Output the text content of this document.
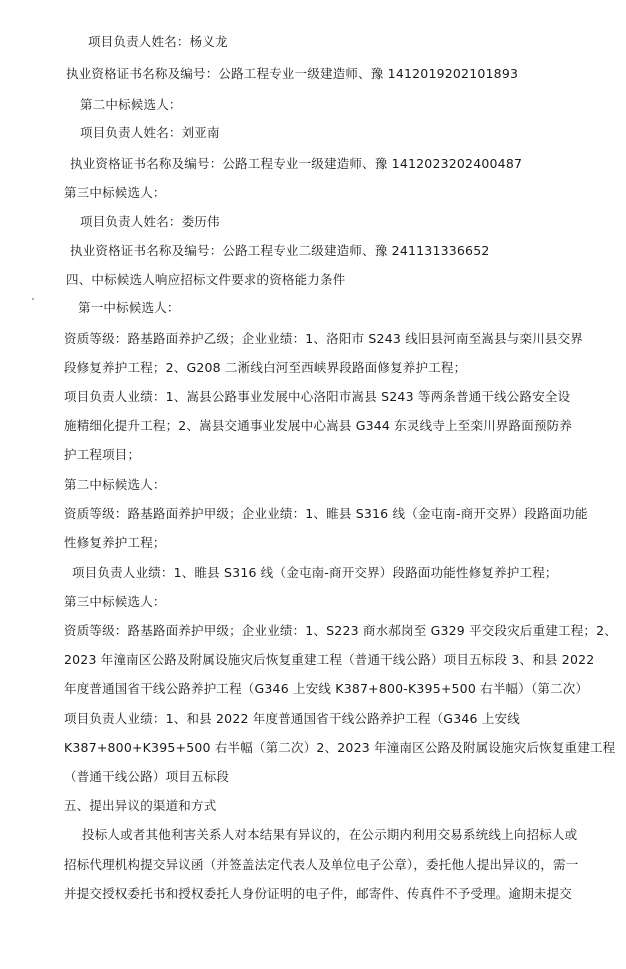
项目负责人姓名：杨义龙
执业资格证书名称及编号：公路工程专业一级建造师、豫 1412019202101893
第二中标候选人：
项目负责人姓名：刘亚南
执业资格证书名称及编号：公路工程专业一级建造师、豫 1412023202400487
第三中标候选人：
项目负责人姓名：娄历伟
执业资格证书名称及编号：公路工程专业二级建造师、豫 241131336652
四、中标候选人响应招标文件要求的资格能力条件
第一中标候选人：
资质等级：路基路面养护乙级；企业业绩：1、洛阳市 S243 线旧县河南至嵩县与栾川县交界
段修复养护工程；2、G208 二淅线白河至西峡界段路面修复养护工程；
项目负责人业绩：1、嵩县公路事业发展中心洛阳市嵩县 S243 等两条普通干线公路安全设
施精细化提升工程；2、嵩县交通事业发展中心嵩县 G344 东灵线寺上至栾川界路面预防养
护工程项目；
第二中标候选人：
资质等级：路基路面养护甲级；企业业绩：1、睢县 S316 线（金屯南-商开交界）段路面功能
性修复养护工程；
项目负责人业绩：1、睢县 S316 线（金屯南-商开交界）段路面功能性修复养护工程；
第三中标候选人：
资质等级：路基路面养护甲级；企业业绩：1、S223 商水郝岗至 G329 平交段灾后重建工程；2、
2023 年潼南区公路及附属设施灾后恢复重建工程（普通干线公路）项目五标段 3、和县 2022
年度普通国省干线公路养护工程（G346 上安线 K387+800-K395+500 右半幅）（第二次）
项目负责人业绩：1、和县 2022 年度普通国省干线公路养护工程（G346 上安线
K387+800+K395+500 右半幅（第二次）2、2023 年潼南区公路及附属设施灾后恢复重建工程
（普通干线公路）项目五标段
五、提出异议的渠道和方式
投标人或者其他利害关系人对本结果有异议的，在公示期内利用交易系统线上向招标人或
招标代理机构提交异议函（并签盖法定代表人及单位电子公章），委托他人提出异议的，需一
并提交授权委托书和授权委托人身份证明的电子件，邮寄件、传真件不予受理。逾期未提交
